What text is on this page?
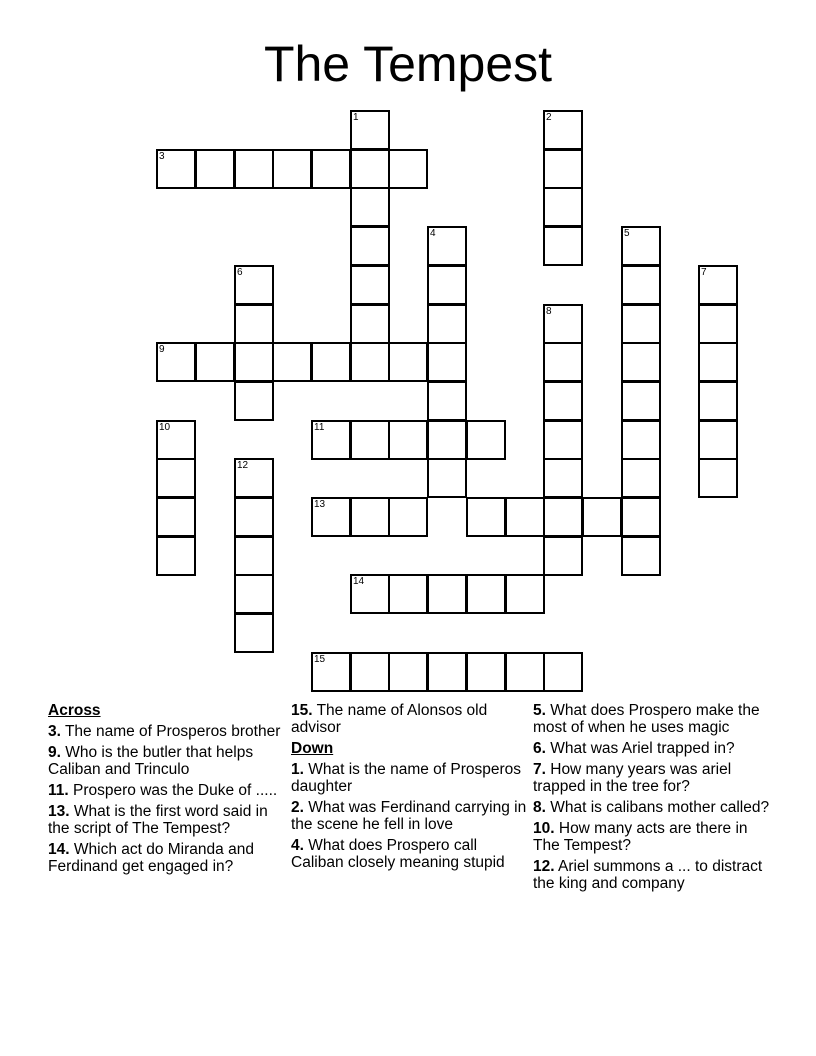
The Tempest
1	2
3
4	5
6	7
8
9
10	11
12
13
14
15
Across
3. The name of Prosperos brother
9. Who is the butler that helps Caliban and Trinculo
11. Prospero was the Duke of .....
13. What is the first word said in the script of The Tempest?
14. Which act do Miranda and Ferdinand get engaged in?
15. The name of Alonsos old advisor
Down
1. What is the name of Prosperos daughter
2. What was Ferdinand carrying in the scene he fell in love
4. What does Prospero call Caliban closely meaning stupid
5. What does Prospero make the most of when he uses magic
6. What was Ariel trapped in?
7. How many years was ariel trapped in the tree for?
8. What is calibans mother called?
10. How many acts are there in The Tempest?
12. Ariel summons a ... to distract the king and company
